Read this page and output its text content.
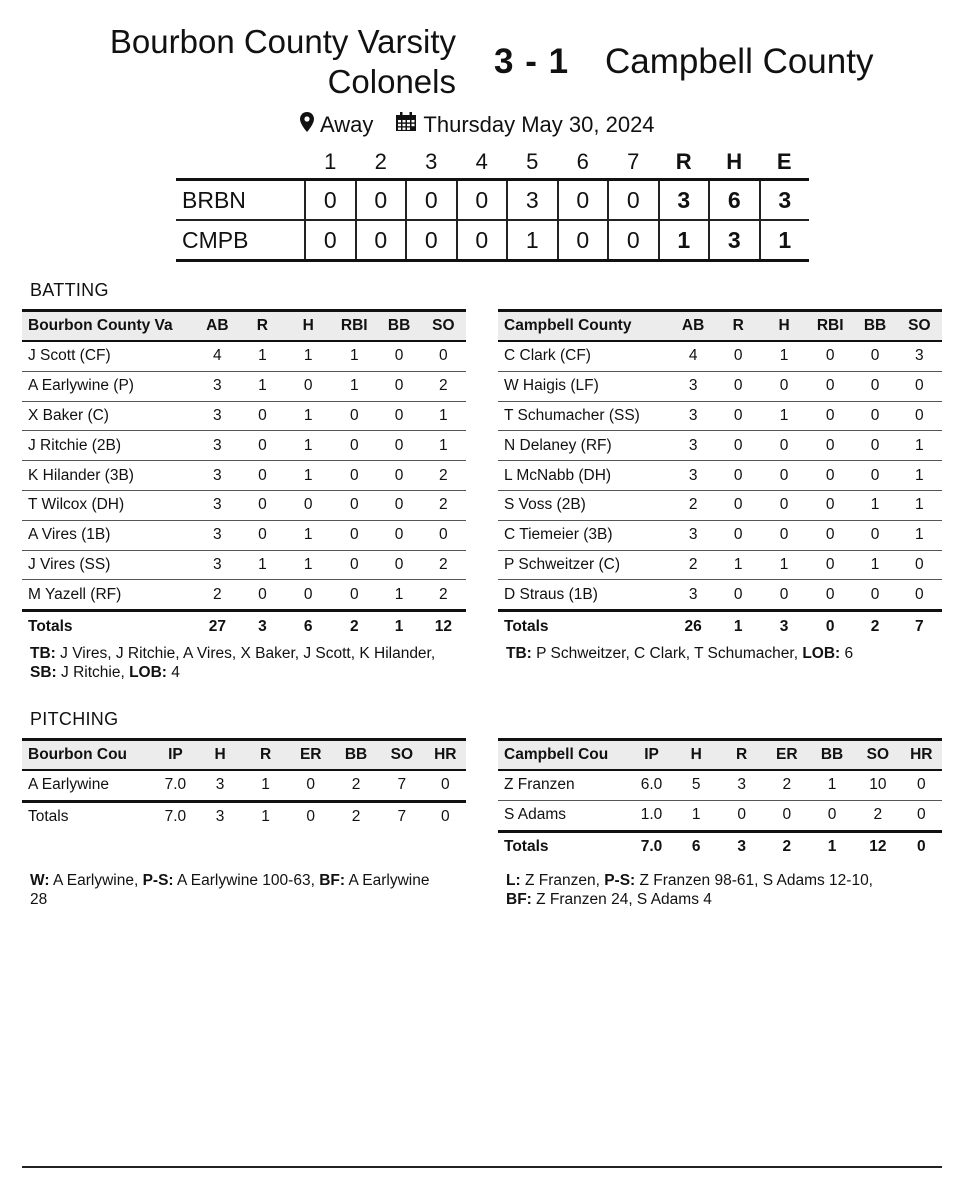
Bourbon County Varsity
Colonels
3 - 1 Campbell County
Away Thursday May 30, 2024
	1	2	3	4	5	6	7	R	H	E
BRBN	0	0	0	0	3	0	0	3	6	3
CMPB	0	0	0	0	1	0	0	1	3	1
BATTING
Bourbon County Va	AB	R	H	RBI	BB	SO
J Scott (CF)	4	1	1	1	0	0
A Earlywine (P)	3	1	0	1	0	2
X Baker (C)	3	0	1	0	0	1
J Ritchie (2B)	3	0	1	0	0	1
K Hilander (3B)	3	0	1	0	0	2
T Wilcox (DH)	3	0	0	0	0	2
A Vires (1B)	3	0	1	0	0	0
J Vires (SS)	3	1	1	0	0	2
M Yazell (RF)	2	0	0	0	1	2
Totals	27	3	6	2	1	12
Campbell County	AB	R	H	RBI	BB	SO
C Clark (CF)	4	0	1	0	0	3
W Haigis (LF)	3	0	0	0	0	0
T Schumacher (SS)	3	0	1	0	0	0
N Delaney (RF)	3	0	0	0	0	1
L McNabb (DH)	3	0	0	0	0	1
S Voss (2B)	2	0	0	0	1	1
C Tiemeier (3B)	3	0	0	0	0	1
P Schweitzer (C)	2	1	1	0	1	0
D Straus (1B)	3	0	0	0	0	0
Totals	26	1	3	0	2	7
TB: J Vires, J Ritchie, A Vires, X Baker, J Scott, K Hilander, SB: J Ritchie, LOB: 4
TB: P Schweitzer, C Clark, T Schumacher, LOB: 6
PITCHING
Bourbon Cou	IP	H	R	ER	BB	SO	HR
A Earlywine	7.0	3	1	0	2	7	0
Totals	7.0	3	1	0	2	7	0
Campbell Cou	IP	H	R	ER	BB	SO	HR
Z Franzen	6.0	5	3	2	1	10	0
S Adams	1.0	1	0	0	0	2	0
Totals	7.0	6	3	2	1	12	0
W: A Earlywine, P-S: A Earlywine 100-63, BF: A Earlywine 28
L: Z Franzen, P-S: Z Franzen 98-61, S Adams 12-10,
BF: Z Franzen 24, S Adams 4
